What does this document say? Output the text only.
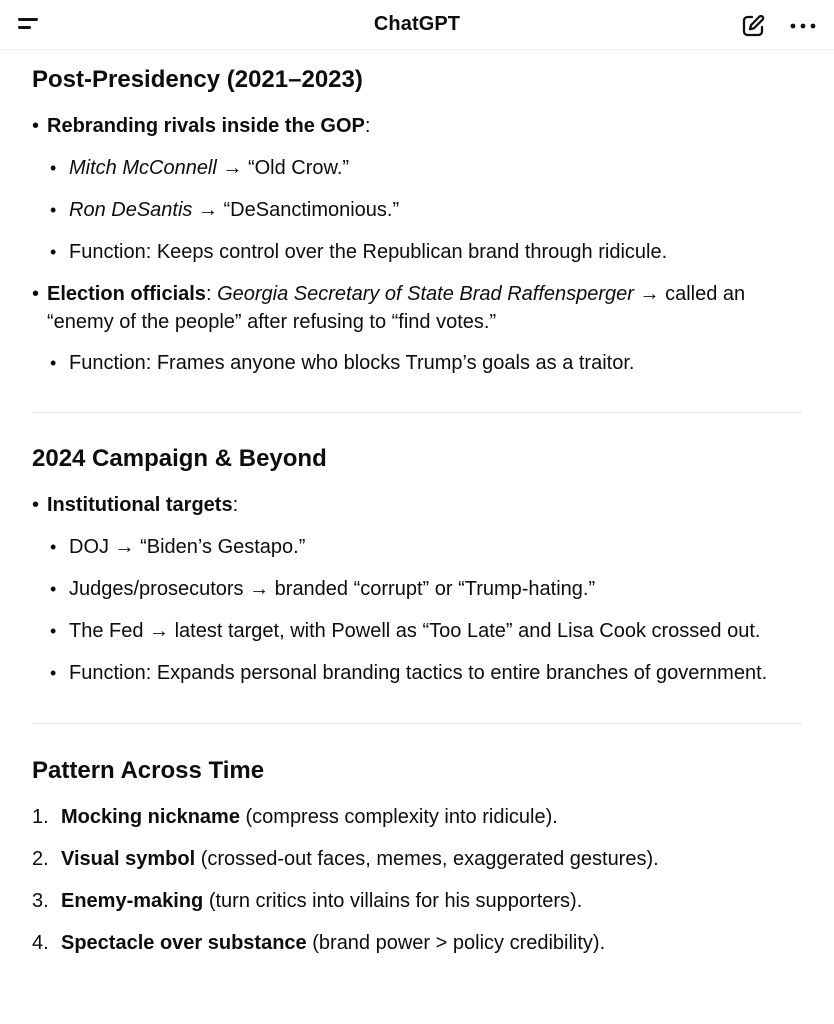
ChatGPT
Post-Presidency (2021–2023)
• Rebranding rivals inside the GOP:
• Mitch McConnell → “Old Crow.”
• Ron DeSantis → “DeSanctimonious.”
• Function: Keeps control over the Republican brand through ridicule.
• Election officials: Georgia Secretary of State Brad Raffensperger → called an “enemy of the people” after refusing to “find votes.”
• Function: Frames anyone who blocks Trump’s goals as a traitor.
2024 Campaign & Beyond
• Institutional targets:
• DOJ → “Biden’s Gestapo.”
• Judges/prosecutors → branded “corrupt” or “Trump-hating.”
• The Fed → latest target, with Powell as “Too Late” and Lisa Cook crossed out.
• Function: Expands personal branding tactics to entire branches of government.
Pattern Across Time
1. Mocking nickname (compress complexity into ridicule).
2. Visual symbol (crossed-out faces, memes, exaggerated gestures).
3. Enemy-making (turn critics into villains for his supporters).
4. Spectacle over substance (brand power > policy credibility).
